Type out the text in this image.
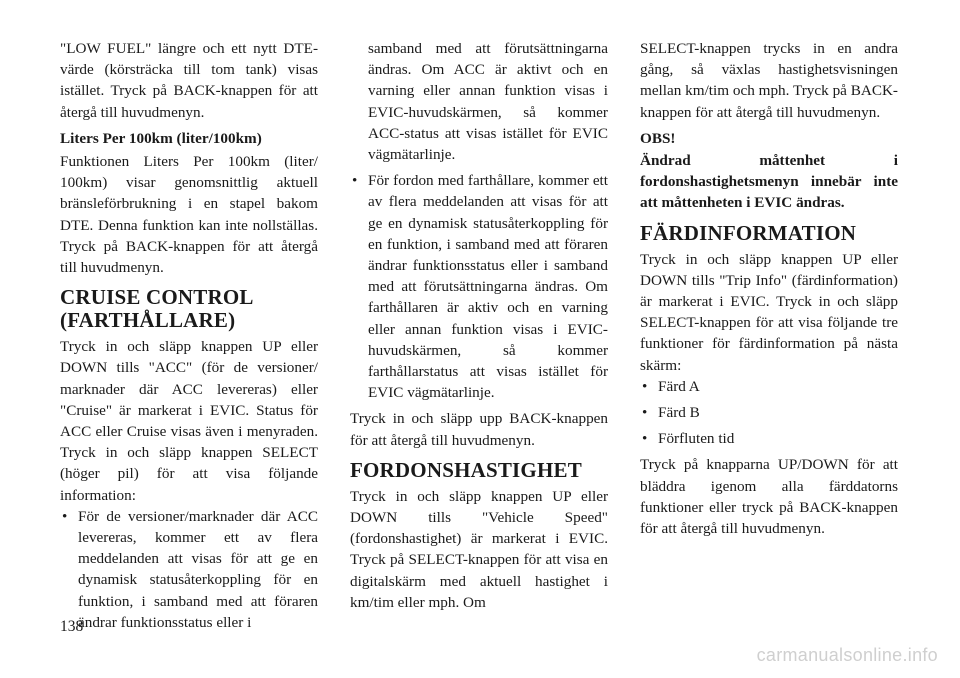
"LOW FUEL" längre och ett nytt DTE-värde (körsträcka till tom tank) visas istället. Tryck på BACK-knappen för att återgå till huvudmenyn.

Liters Per 100km (liter/100km)

Funktionen Liters Per 100km (liter/ 100km) visar genomsnittlig aktuell bränsleförbrukning i en stapel bakom DTE. Denna funktion kan inte nollställas. Tryck på BACK-knappen för att återgå till huvudmenyn.

CRUISE CONTROL (FARTHÅLLARE)

Tryck in och släpp knappen UP eller DOWN tills "ACC" (för de versioner/ marknader där ACC levereras) eller "Cruise" är markerat i EVIC. Status för ACC eller Cruise visas även i menyraden. Tryck in och släpp knappen SELECT (höger pil) för att visa följande information:

• För de versioner/marknader där ACC levereras, kommer ett av flera meddelanden att visas för att ge en dynamisk statusåterkoppling för en funktion, i samband med att föraren ändrar funktionsstatus eller i

samband med att förutsättningarna ändras. Om ACC är aktivt och en varning eller annan funktion visas i EVIC-huvudskärmen, så kommer ACC-status att visas istället för EVIC vägmätarlinje.

• För fordon med farthållare, kommer ett av flera meddelanden att visas för att ge en dynamisk statusåterkoppling för en funktion, i samband med att föraren ändrar funktionsstatus eller i samband med att förutsättningarna ändras. Om farthållaren är aktiv och en varning eller annan funktion visas i EVIC-huvudskärmen, så kommer farthållarstatus att visas istället för EVIC vägmätarlinje.

Tryck in och släpp upp BACK-knappen för att återgå till huvudmenyn.

FORDONSHASTIGHET

Tryck in och släpp knappen UP eller DOWN tills "Vehicle Speed" (fordonshastighet) är markerat i EVIC. Tryck på SELECT-knappen för att visa en digitalskärm med aktuell hastighet i km/tim eller mph. Om

SELECT-knappen trycks in en andra gång, så växlas hastighetsvisningen mellan km/tim och mph. Tryck på BACK-knappen för att återgå till huvudmenyn.

OBS!

Ändrad måttenhet i fordonshastighetsmenyn innebär inte att måttenheten i EVIC ändras.

FÄRDINFORMATION

Tryck in och släpp knappen UP eller DOWN tills "Trip Info" (färdinformation) är markerat i EVIC. Tryck in och släpp SELECT-knappen för att visa följande tre funktioner för färdinformation på nästa skärm:

• Färd A
• Färd B
• Förfluten tid

Tryck på knapparna UP/DOWN för att bläddra igenom alla färddatorns funktioner eller tryck på BACK-knappen för att återgå till huvudmenyn.

138
carmanualsonline.info
